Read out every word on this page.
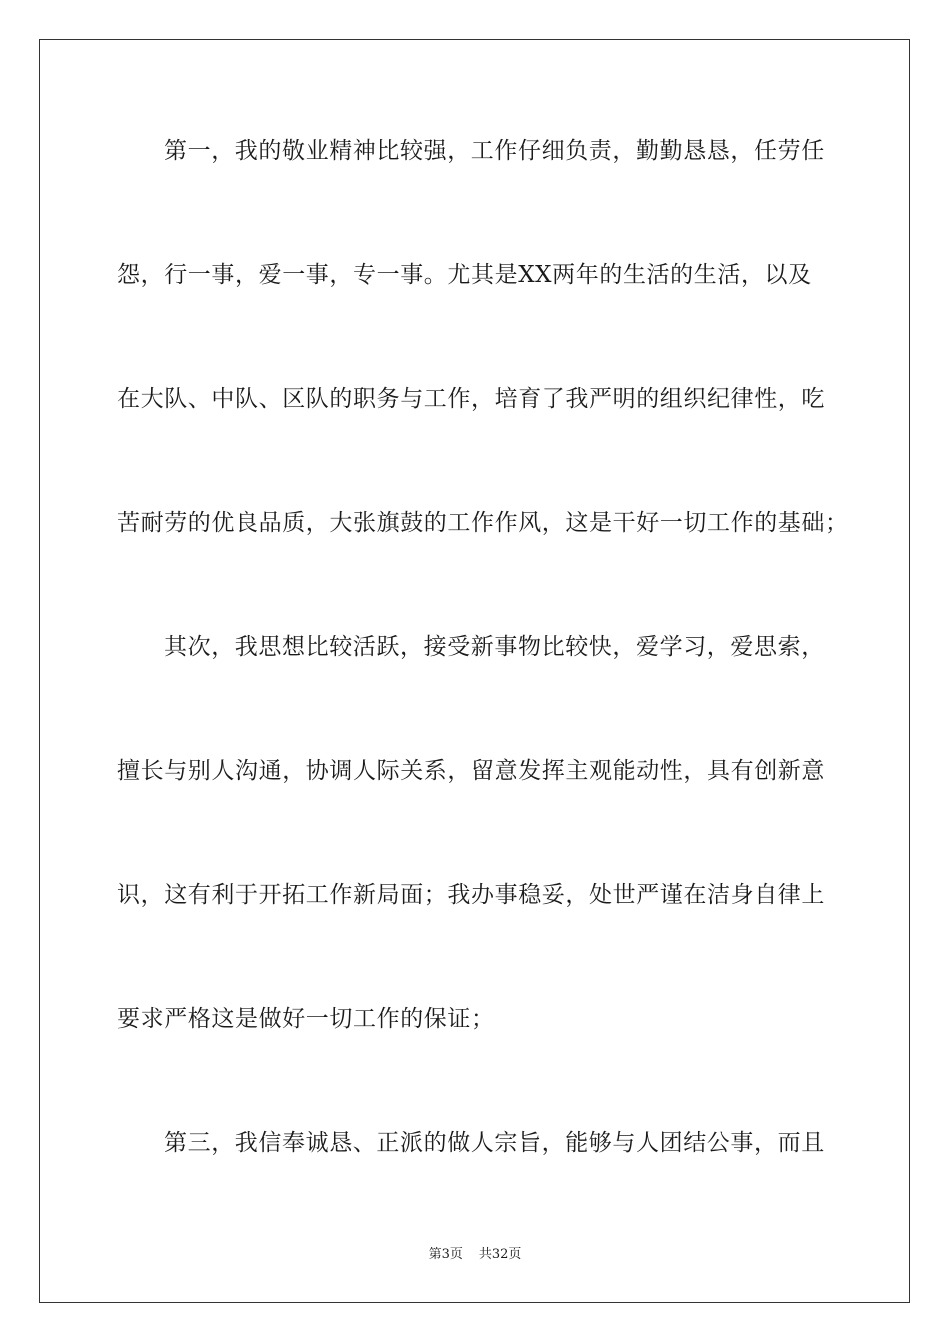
第一，我的敬业精神比较强，工作仔细负责，勤勤恳恳，任劳任
怨，行一事，爱一事，专一事。尤其是XX两年的生活的生活，以及
在大队、中队、区队的职务与工作，培育了我严明的组织纪律性，吃
苦耐劳的优良品质，大张旗鼓的工作作风，这是干好一切工作的基础；
其次，我思想比较活跃，接受新事物比较快，爱学习，爱思索，
擅长与别人沟通，协调人际关系，留意发挥主观能动性，具有创新意
识，这有利于开拓工作新局面；我办事稳妥，处世严谨在洁身自律上
要求严格这是做好一切工作的保证；
第三，我信奉诚恳、正派的做人宗旨，能够与人团结公事，而且
第3页 共32页
